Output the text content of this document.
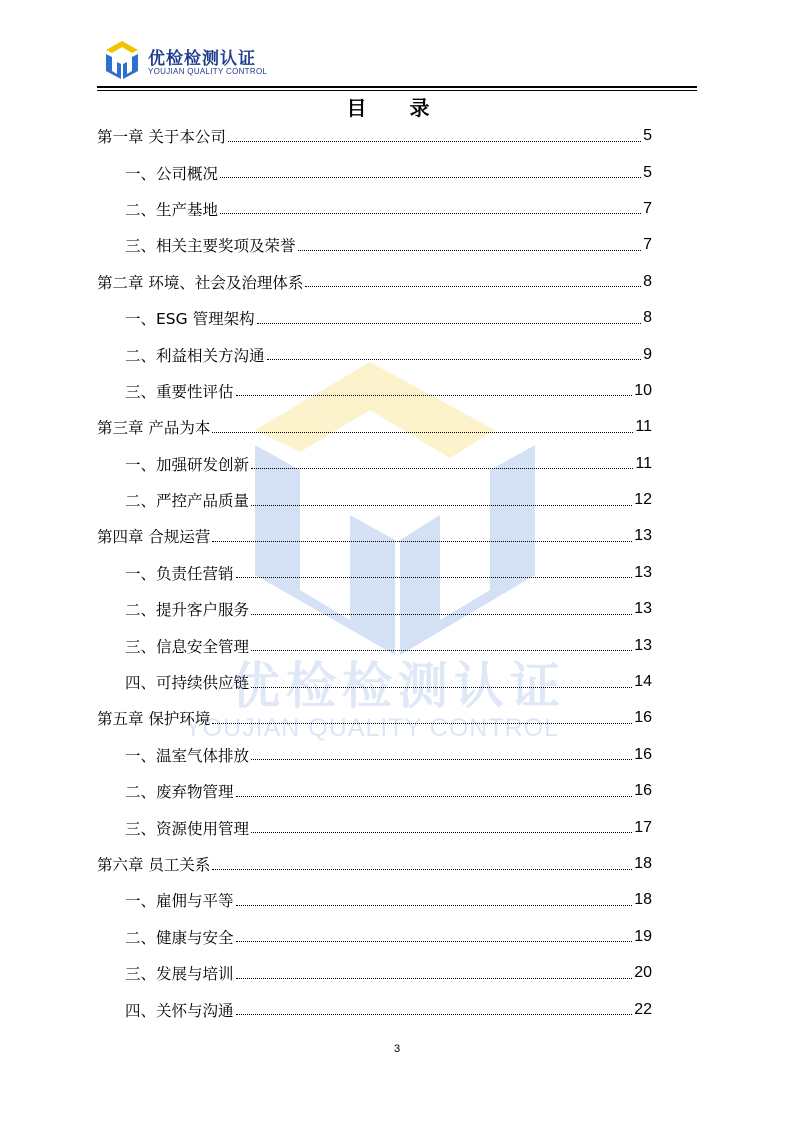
优检检测认证
YOUJIAN QUALITY CONTROL
优检检测认证
YOUJIAN QUALITY CONTROL
目 录
第一章 关于本公司	5
一、公司概况	5
二、生产基地	7
三、相关主要奖项及荣誉	7
第二章 环境、社会及治理体系	8
一、ESG 管理架构	8
二、利益相关方沟通	9
三、重要性评估	10
第三章 产品为本	11
一、加强研发创新	11
二、严控产品质量	12
第四章 合规运营	13
一、负责任营销	13
二、提升客户服务	13
三、信息安全管理	13
四、可持续供应链	14
第五章 保护环境	16
一、温室气体排放	16
二、废弃物管理	16
三、资源使用管理	17
第六章 员工关系	18
一、雇佣与平等	18
二、健康与安全	19
三、发展与培训	20
四、关怀与沟通	22
3
